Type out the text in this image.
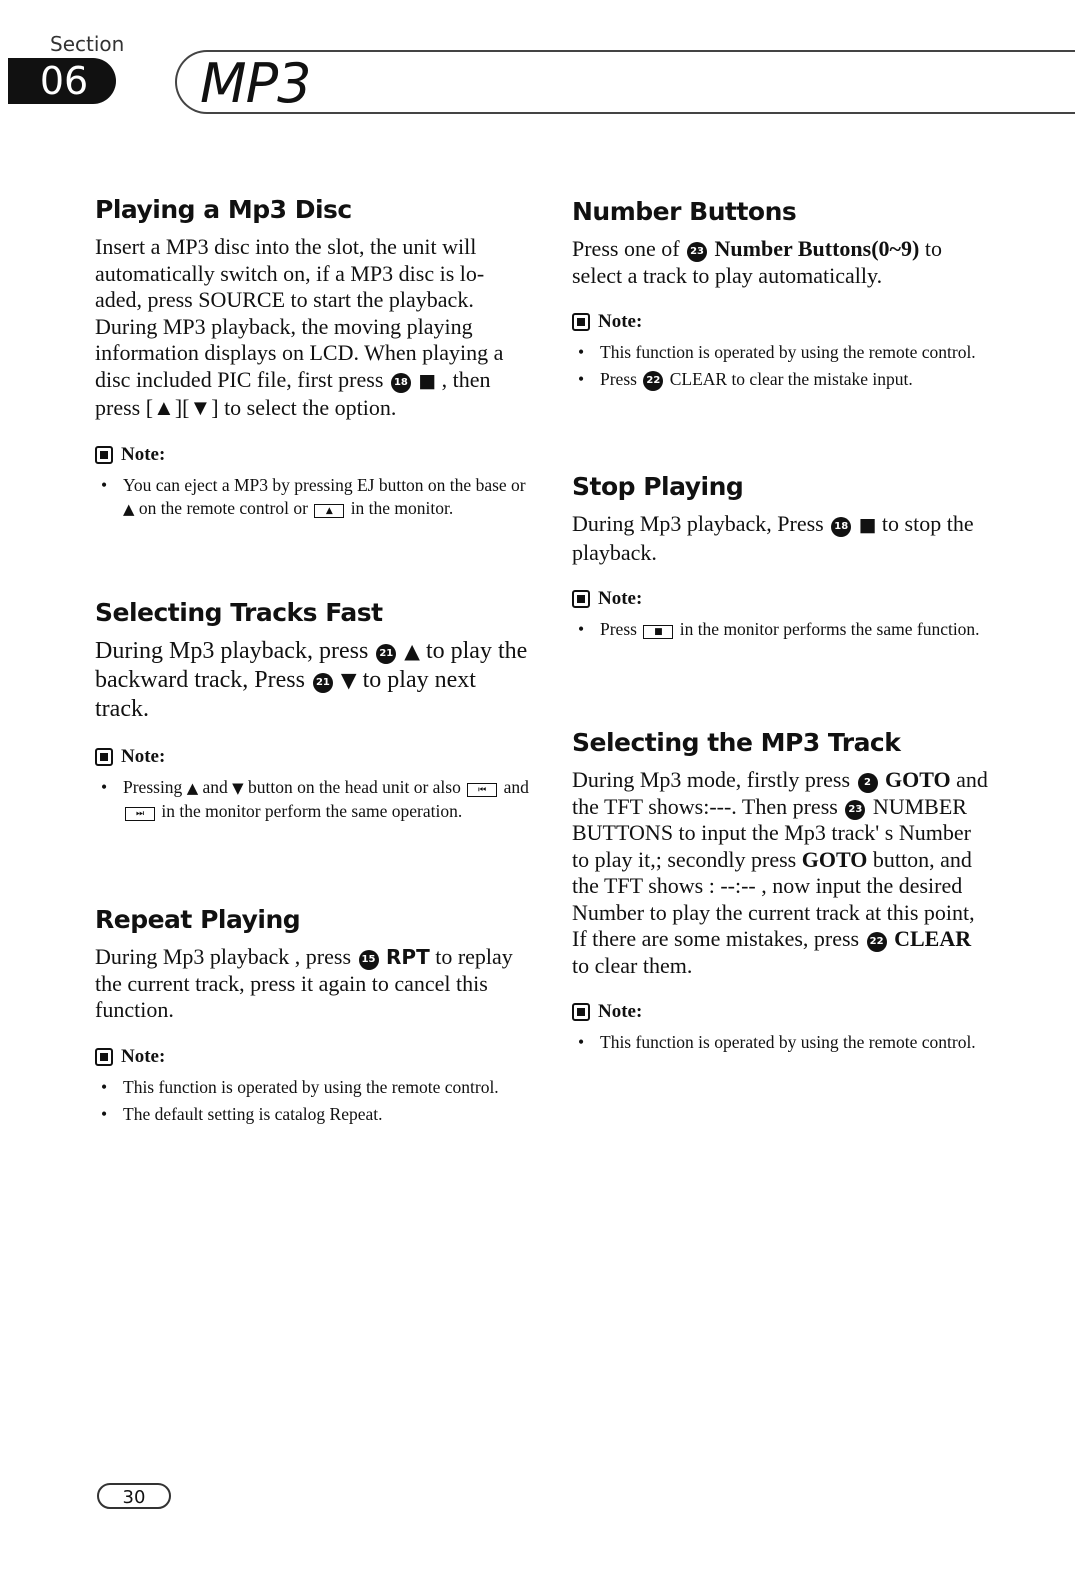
Section
06	MP3
Playing a Mp3 Disc

Insert a MP3 disc into the slot, the unit will automatically switch on, if a MP3 disc is lo- aded, press SOURCE to start the playback. During MP3 playback, the moving playing information displays on LCD. When playing a disc included PIC file, first press 18 ■ , then press [▲][▼] to select the option.

Note:
• You can eject a MP3 by pressing EJ button on the base or ▲ on the remote control or ▲ in the monitor.
Selecting Tracks Fast

During Mp3 playback, press 21 ▲ to play the backward track, Press 21 ▼ to play next track.

Note:
• Pressing ▲ and ▼ button on the head unit or also ⏮ and ⏭ in the monitor perform the same operation.
Repeat Playing

During Mp3 playback , press 15 RPT to replay the current track, press it again to cancel this function.

Note:
• This function is operated by using the remote control.
• The default setting is catalog Repeat.
Number Buttons

Press one of 23 Number Buttons(0~9) to select a track to play automatically.

Note:
• This function is operated by using the remote control.
• Press 22 CLEAR to clear the mistake input.
Stop Playing

During Mp3 playback, Press 18 ■ to stop the playback.

Note:
• Press ■ in the monitor performs the same function.
Selecting the MP3 Track

During Mp3 mode, firstly press 2 GOTO and the TFT shows:---. Then press 23 NUMBER BUTTONS to input the Mp3 track' s Number to play it,; secondly press GOTO button, and the TFT shows : --:-- , now input the desired Number to play the current track at this point, If there are some mistakes, press 22 CLEAR to clear them.

Note:
• This function is operated by using the remote control.
30
